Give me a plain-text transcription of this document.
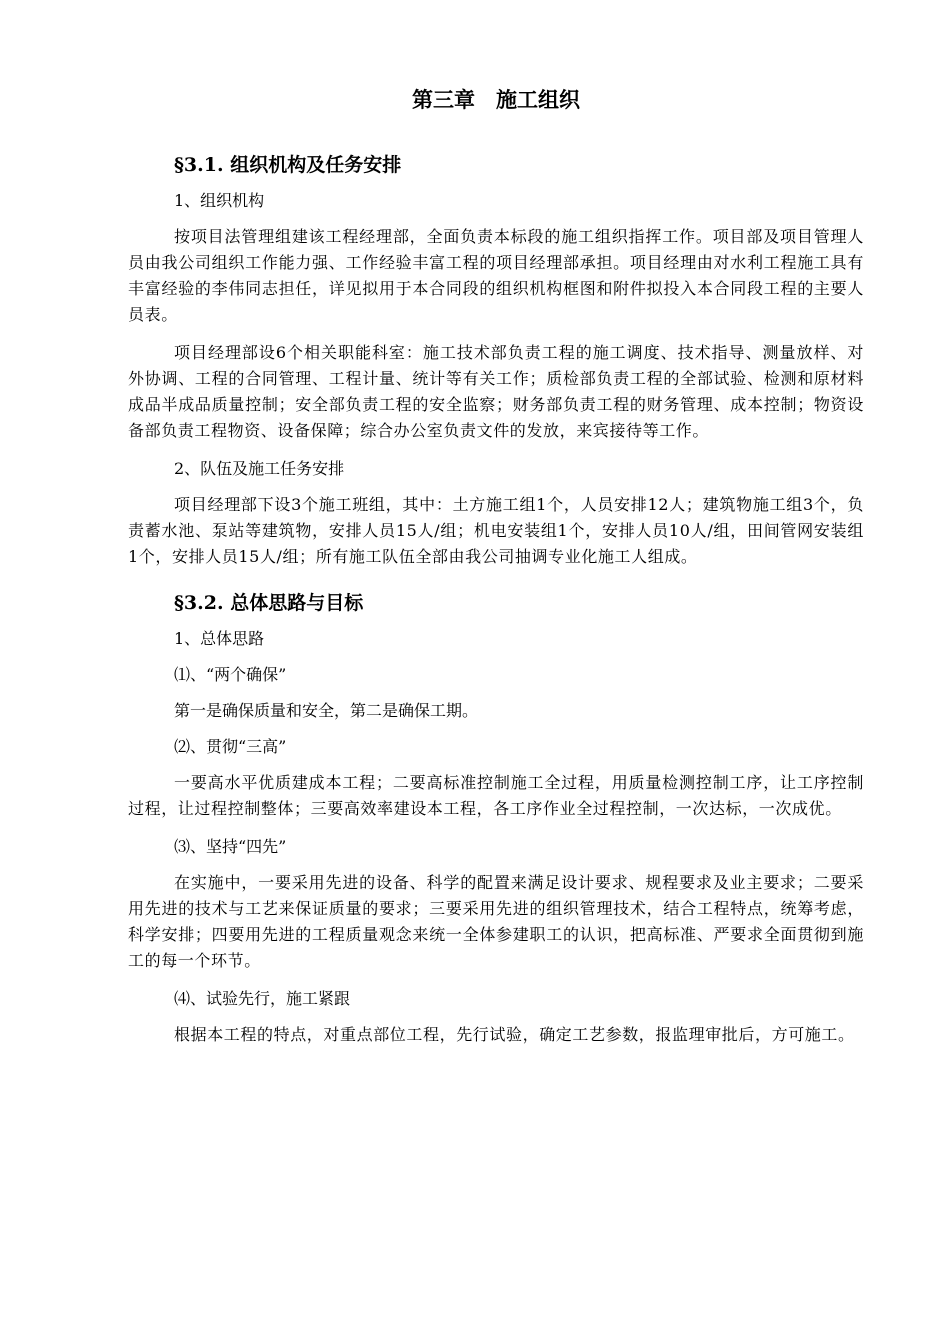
第三章　施工组织
§3.1. 组织机构及任务安排
1、组织机构

按项目法管理组建该工程经理部，全面负责本标段的施工组织指挥工作。项目部及项目管理人员由我公司组织工作能力强、工作经验丰富工程的项目经理部承担。项目经理由对水利工程施工具有丰富经验的李伟同志担任，详见拟用于本合同段的组织机构框图和附件拟投入本合同段工程的主要人员表。

项目经理部设6个相关职能科室：施工技术部负责工程的施工调度、技术指导、测量放样、对外协调、工程的合同管理、工程计量、统计等有关工作；质检部负责工程的全部试验、检测和原材料成品半成品质量控制；安全部负责工程的安全监察；财务部负责工程的财务管理、成本控制；物资设备部负责工程物资、设备保障；综合办公室负责文件的发放，来宾接待等工作。

2、队伍及施工任务安排

项目经理部下设3个施工班组，其中：土方施工组1个，人员安排12人；建筑物施工组3个，负责蓄水池、泵站等建筑物，安排人员15人/组；机电安装组1个，安排人员10人/组，田间管网安装组1个，安排人员15人/组；所有施工队伍全部由我公司抽调专业化施工人组成。

§3.2. 总体思路与目标
1、总体思路
⑴、“两个确保”
第一是确保质量和安全，第二是确保工期。
⑵、贯彻“三高”

一要高水平优质建成本工程；二要高标准控制施工全过程，用质量检测控制工序，让工序控制过程，让过程控制整体；三要高效率建设本工程，各工序作业全过程控制，一次达标，一次成优。

⑶、坚持“四先”

在实施中，一要采用先进的设备、科学的配置来满足设计要求、规程要求及业主要求；二要采用先进的技术与工艺来保证质量的要求；三要采用先进的组织管理技术，结合工程特点，统筹考虑，科学安排；四要用先进的工程质量观念来统一全体参建职工的认识，把高标准、严要求全面贯彻到施工的每一个环节。

⑷、试验先行，施工紧跟

根据本工程的特点，对重点部位工程，先行试验，确定工艺参数，报监理审批后，方可施工。
